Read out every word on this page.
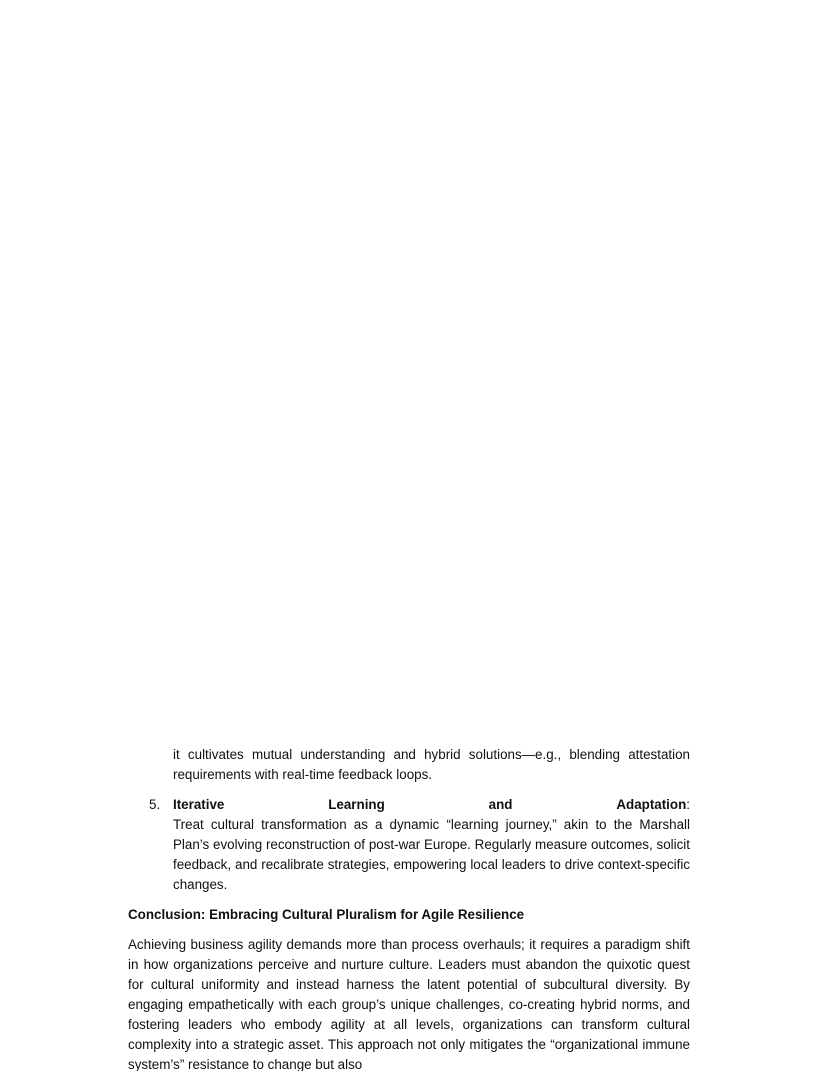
it cultivates mutual understanding and hybrid solutions—e.g., blending attestation requirements with real-time feedback loops.
5. Iterative	Learning	and	Adaptation:
Treat cultural transformation as a dynamic “learning journey,” akin to the Marshall Plan’s evolving reconstruction of post-war Europe. Regularly measure outcomes, solicit feedback, and recalibrate strategies, empowering local leaders to drive context-specific changes.
Conclusion: Embracing Cultural Pluralism for Agile Resilience
Achieving business agility demands more than process overhauls; it requires a paradigm shift in how organizations perceive and nurture culture. Leaders must abandon the quixotic quest for cultural uniformity and instead harness the latent potential of subcultural diversity. By engaging empathetically with each group’s unique challenges, co-creating hybrid norms, and fostering leaders who embody agility at all levels, organizations can transform cultural complexity into a strategic asset. This approach not only mitigates the “organizational immune system’s” resistance to change but also
